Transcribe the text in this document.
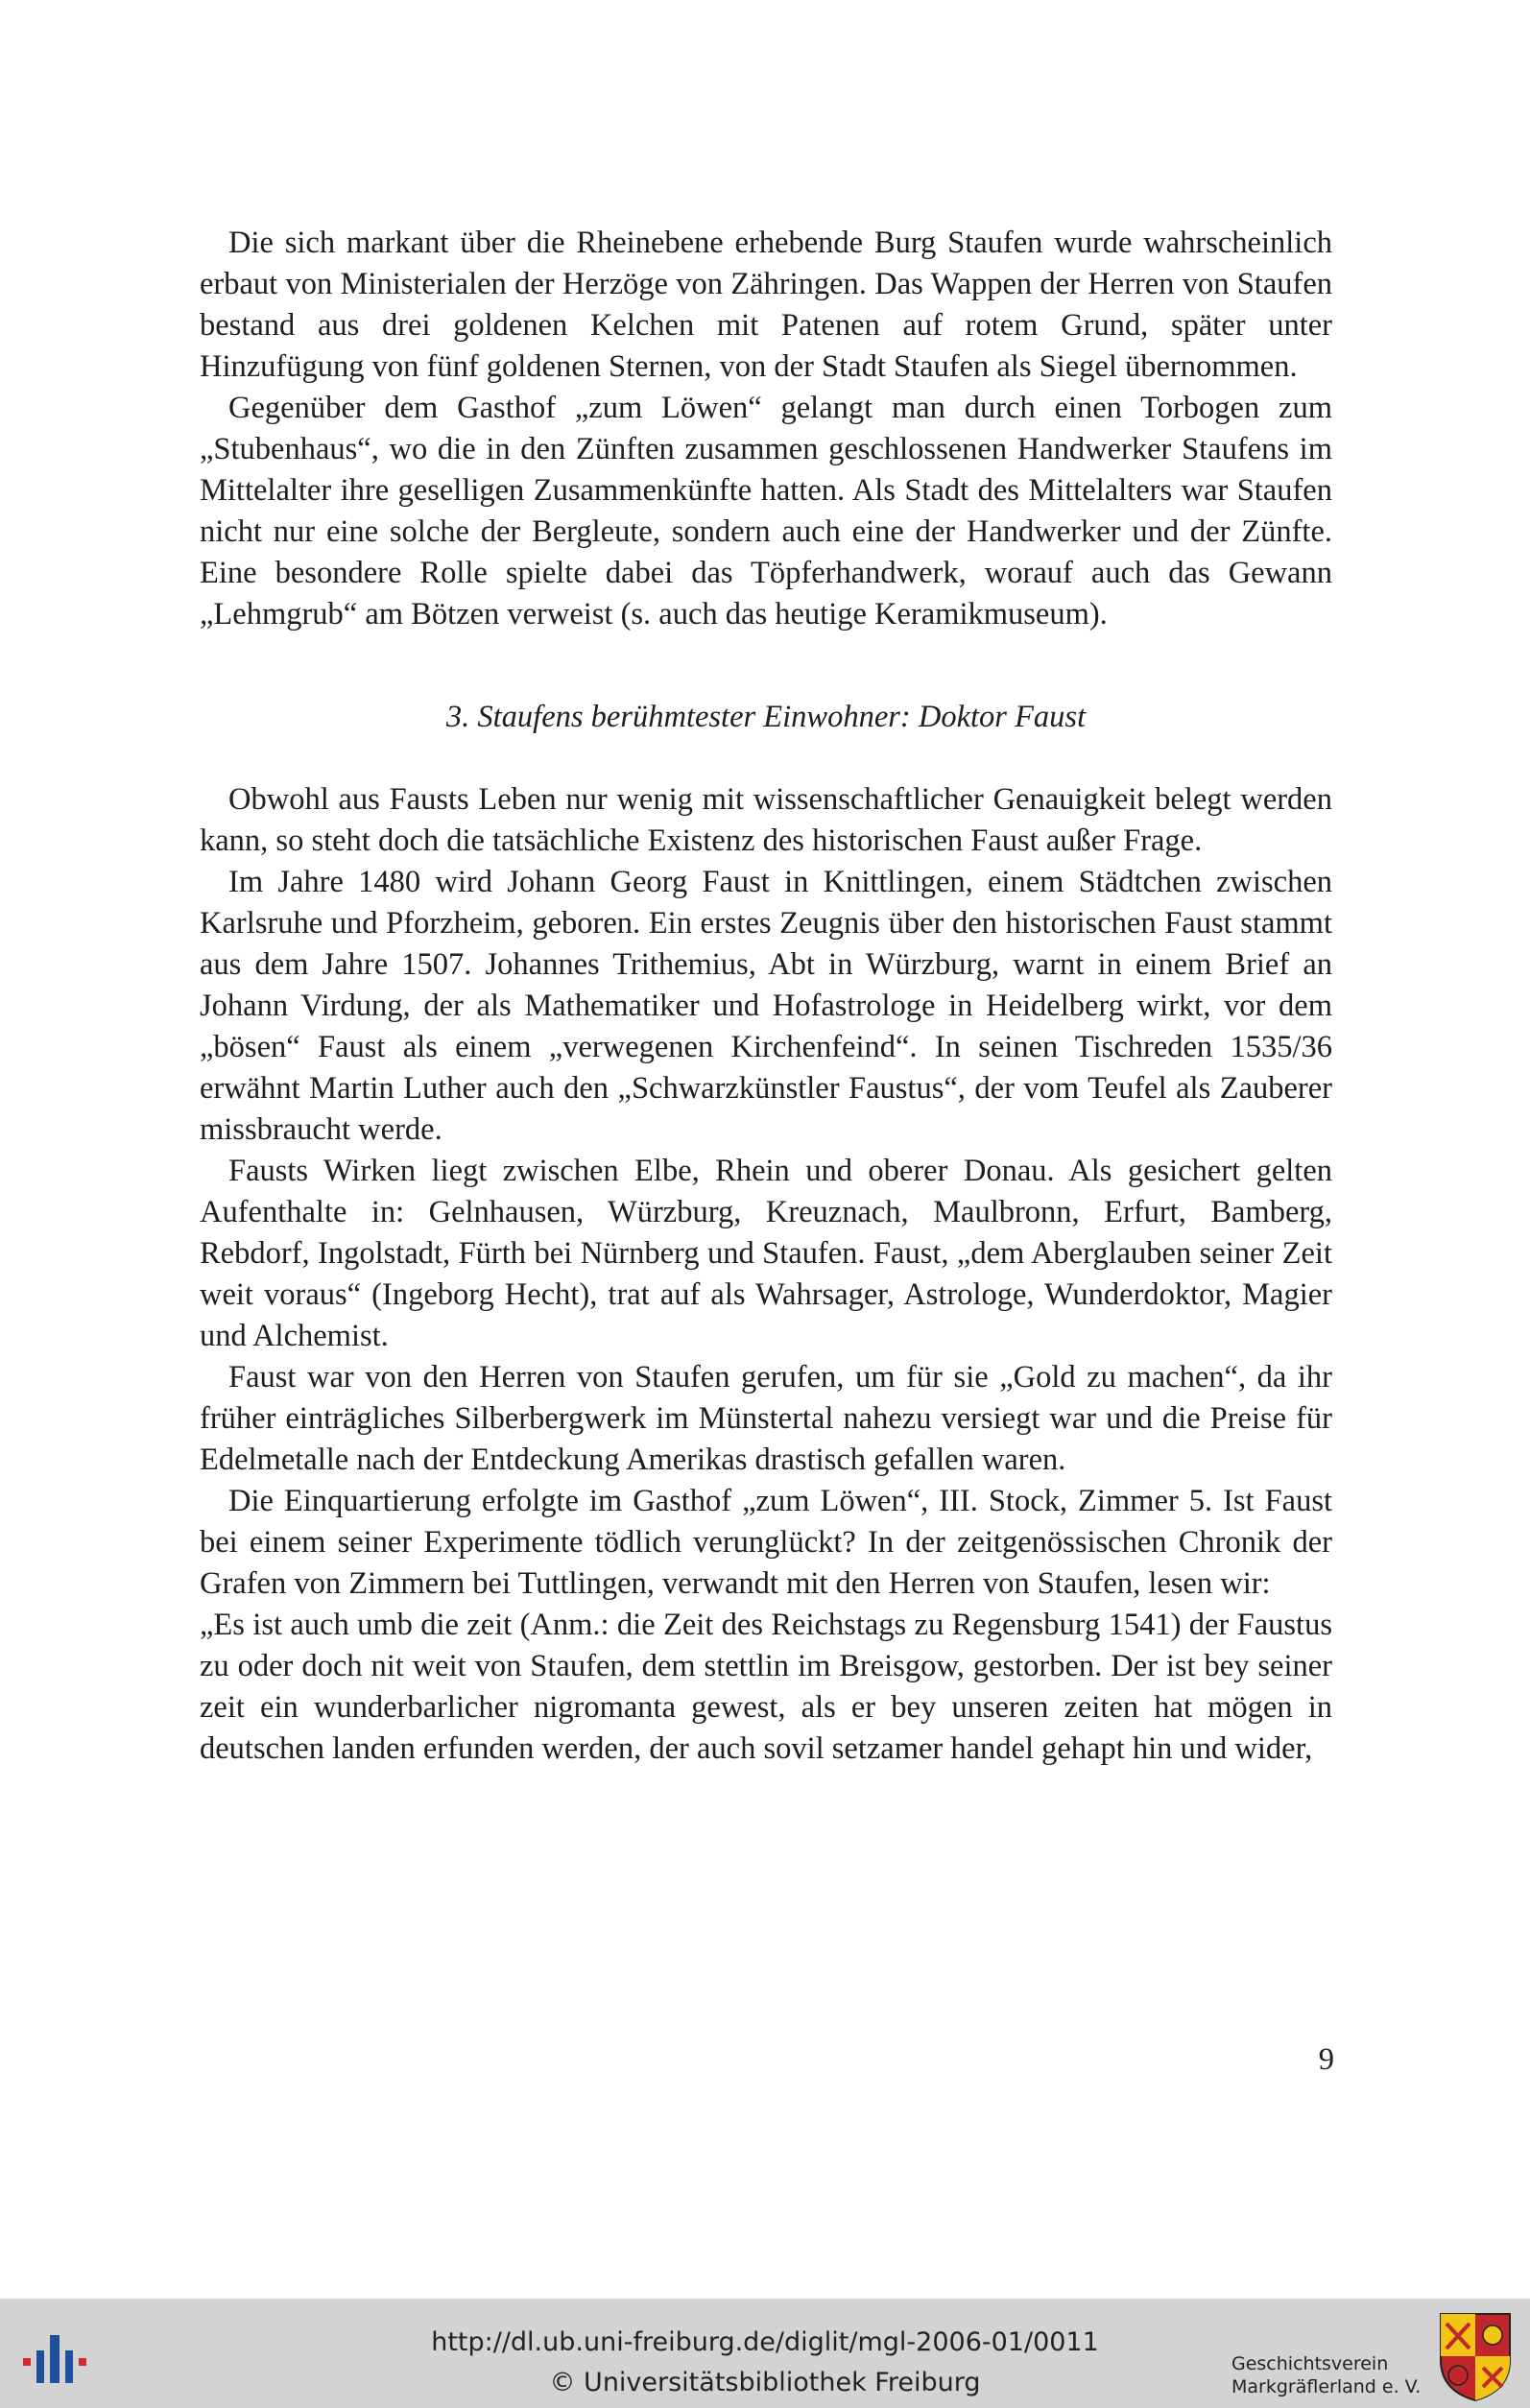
Die sich markant über die Rheinebene erhebende Burg Staufen wurde wahrscheinlich erbaut von Ministerialen der Herzöge von Zähringen. Das Wappen der Herren von Staufen bestand aus drei goldenen Kelchen mit Patenen auf rotem Grund, später unter Hinzufügung von fünf goldenen Sternen, von der Stadt Staufen als Siegel übernommen.

Gegenüber dem Gasthof „zum Löwen“ gelangt man durch einen Torbogen zum „Stubenhaus“, wo die in den Zünften zusammen geschlossenen Handwerker Staufens im Mittelalter ihre geselligen Zusammenkünfte hatten. Als Stadt des Mittelalters war Staufen nicht nur eine solche der Bergleute, sondern auch eine der Handwerker und der Zünfte. Eine besondere Rolle spielte dabei das Töpferhandwerk, worauf auch das Gewann „Lehmgrub“ am Bötzen verweist (s. auch das heutige Keramikmuseum).

3. Staufens berühmtester Einwohner: Doktor Faust

Obwohl aus Fausts Leben nur wenig mit wissenschaftlicher Genauigkeit belegt werden kann, so steht doch die tatsächliche Existenz des historischen Faust außer Frage.

Im Jahre 1480 wird Johann Georg Faust in Knittlingen, einem Städtchen zwischen Karlsruhe und Pforzheim, geboren. Ein erstes Zeugnis über den historischen Faust stammt aus dem Jahre 1507. Johannes Trithemius, Abt in Würzburg, warnt in einem Brief an Johann Virdung, der als Mathematiker und Hofastrologe in Heidelberg wirkt, vor dem „bösen“ Faust als einem „verwegenen Kirchenfeind“. In seinen Tischreden 1535/36 erwähnt Martin Luther auch den „Schwarzkünstler Faustus“, der vom Teufel als Zauberer missbraucht werde.

Fausts Wirken liegt zwischen Elbe, Rhein und oberer Donau. Als gesichert gelten Aufenthalte in: Gelnhausen, Würzburg, Kreuznach, Maulbronn, Erfurt, Bamberg, Rebdorf, Ingolstadt, Fürth bei Nürnberg und Staufen. Faust, „dem Aberglauben seiner Zeit weit voraus“ (Ingeborg Hecht), trat auf als Wahrsager, Astrologe, Wunderdoktor, Magier und Alchemist.

Faust war von den Herren von Staufen gerufen, um für sie „Gold zu machen“, da ihr früher einträgliches Silberbergwerk im Münstertal nahezu versiegt war und die Preise für Edelmetalle nach der Entdeckung Amerikas drastisch gefallen waren.

Die Einquartierung erfolgte im Gasthof „zum Löwen“, III. Stock, Zimmer 5. Ist Faust bei einem seiner Experimente tödlich verunglückt? In der zeitgenössischen Chronik der Grafen von Zimmern bei Tuttlingen, verwandt mit den Herren von Staufen, lesen wir:

„Es ist auch umb die zeit (Anm.: die Zeit des Reichstags zu Regensburg 1541) der Faustus zu oder doch nit weit von Staufen, dem stettlin im Breisgow, gestorben. Der ist bey seiner zeit ein wunderbarlicher nigromanta gewest, als er bey unseren zeiten hat mögen in deutschen landen erfunden werden, der auch sovil setzamer handel gehapt hin und wider,

9
http://dl.ub.uni-freiburg.de/diglit/mgl-2006-01/0011
© Universitätsbibliothek Freiburg
Geschichtsverein
Markgräflerland e. V.
